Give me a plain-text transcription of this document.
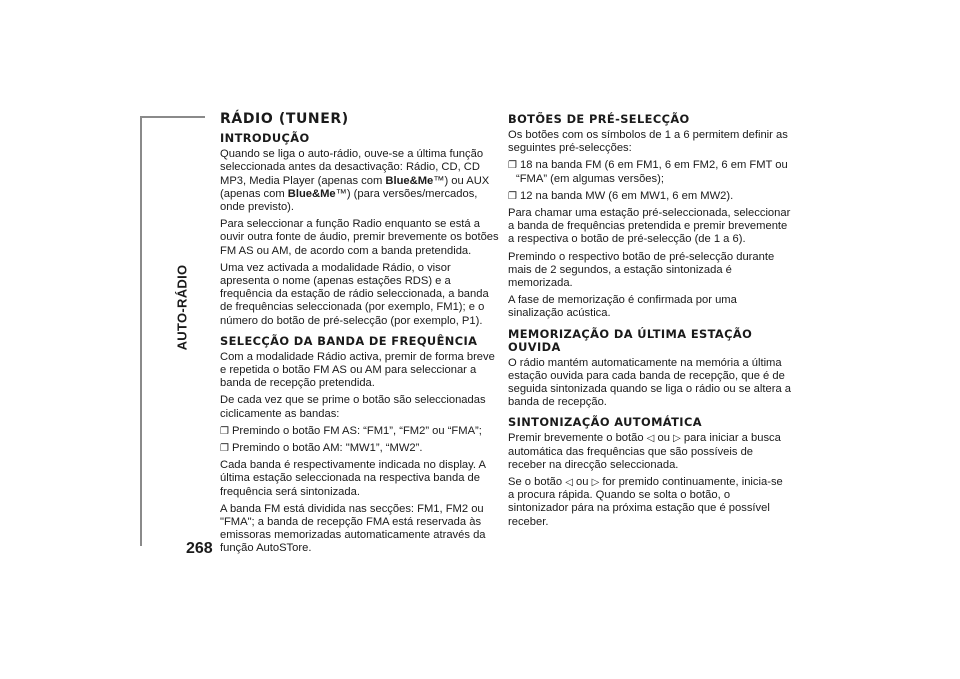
AUTO-RÁDIO
268
RÁDIO (TUNER)
INTRODUÇÃO

Quando se liga o auto-rádio, ouve-se a última função seleccionada antes da desactivação: Rádio, CD, CD MP3, Media Player (apenas com Blue&Me™) ou AUX (apenas com Blue&Me™) (para versões/mercados, onde previsto).

Para seleccionar a função Radio enquanto se está a ouvir outra fonte de áudio, premir brevemente os botões FM AS ou AM, de acordo com a banda pretendida.

Uma vez activada a modalidade Rádio, o visor apresenta o nome (apenas estações RDS) e a frequência da estação de rádio seleccionada, a banda de frequências seleccionada (por exemplo, FM1); e o número do botão de pré-selecção (por exemplo, P1).

SELECÇÃO DA BANDA DE FREQUÊNCIA

Com a modalidade Rádio activa, premir de forma breve e repetida o botão FM AS ou AM para seleccionar a banda de recepção pretendida.

De cada vez que se prime o botão são seleccionadas ciclicamente as bandas:

❐ Premindo o botão FM AS: “FM1”, “FM2” ou “FMA”;
❐ Premindo o botão AM: "MW1”, “MW2”.

Cada banda é respectivamente indicada no display. A última estação seleccionada na respectiva banda de frequência será sintonizada.

A banda FM está dividida nas secções: FM1, FM2 ou "FMA"; a banda de recepção FMA está reservada às emissoras memorizadas automaticamente através da função AutoSTore.

BOTÕES DE PRÉ-SELECÇÃO

Os botões com os símbolos de 1 a 6 permitem definir as seguintes pré-selecções:

❐ 18 na banda FM (6 em FM1, 6 em FM2, 6 em FMT ou “FMA” (em algumas versões);
❐ 12 na banda MW (6 em MW1, 6 em MW2).

Para chamar uma estação pré-seleccionada, seleccionar a banda de frequências pretendida e premir brevemente a respectiva o botão de pré-selecção (de 1 a 6).

Premindo o respectivo botão de pré-selecção durante mais de 2 segundos, a estação sintonizada é memorizada.

A fase de memorização é confirmada por uma sinalização acústica.

MEMORIZAÇÃO DA ÚLTIMA ESTAÇÃO OUVIDA

O rádio mantém automaticamente na memória a última estação ouvida para cada banda de recepção, que é de seguida sintonizada quando se liga o rádio ou se altera a banda de recepção.

SINTONIZAÇÃO AUTOMÁTICA

Premir brevemente o botão ◁ ou ▷ para iniciar a busca automática das frequências que são possíveis de receber na direcção seleccionada.

Se o botão ◁ ou ▷ for premido continuamente, inicia-se a procura rápida. Quando se solta o botão, o sintonizador pára na próxima estação que é possível receber.
